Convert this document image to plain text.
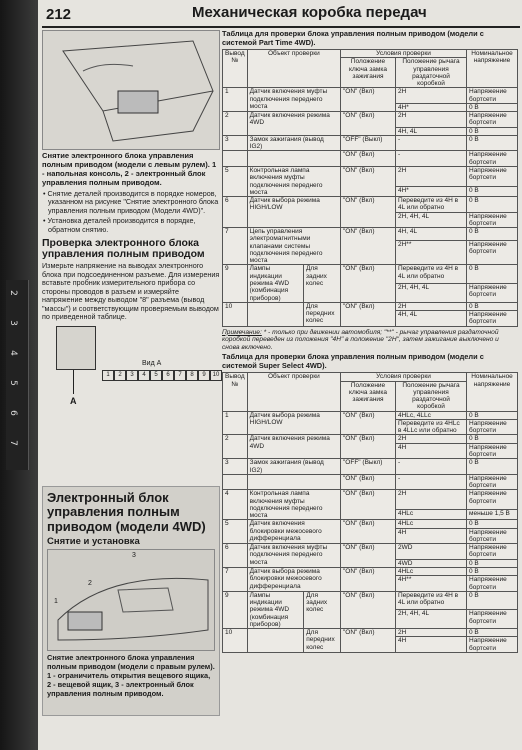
2
3
4
5
6
7
212	Механическая коробка передач
Снятие электронного блока управления полным приводом (модели с левым рулем). 1 - напольная консоль, 2 - электронный блок управления полным приводом.
• Снятие деталей производится в порядке номеров, указанном на рисунке "Снятие электронного блока управления полным приводом (Модели 4WD)".
• Установка деталей производится в порядке, обратном снятию.
Проверка электронного блока управления полным приводом
Измерьте напряжение на выводах электронного блока при подсоединенном разъеме. Для измерения вставьте пробник измерительного прибора со стороны проводов в разъем и измеряйте напряжение между выводом "8" разъема (вывод "массы") и соответствующим проверяемым выводом по приведенной таблице.
A
Вид А
1	2	3	4	5	6	7	8	9	10
Электронный блок управления полным приводом (модели 4WD)
Снятие и установка
3
2
1
Снятие электронного блока управления полным приводом (модели с правым рулем). 1 - ограничитель открытия вещевого ящика, 2 - вещевой ящик, 3 - электронный блок управления полным приводом.
Таблица для проверки блока управления полным приводом (модели с системой Part Time 4WD).
Вывод №	Объект проверки		Условия проверки		Номинальное напряжение
			Положение ключа замка зажигания	Положение рычага управления раздаточной коробкой	
1	Датчик включения муфты подключения переднего моста		"ON" (Вкл)	2H	Напряжение бортсети
				4H*	0 В
2	Датчик включения режима 4WD		"ON" (Вкл)	2H	Напряжение бортсети
				4H, 4L	0 В
3	Замок зажигания (вывод IG2)		"OFF" (Выкл)	-	0 В
			"ON" (Вкл)	-	Напряжение бортсети
5	Контрольная лампа включения муфты подключения переднего моста		"ON" (Вкл)	2H	Напряжение бортсети
				4H*	0 В
6	Датчик выбора режима HIGH/LOW		"ON" (Вкл)	Переведите из 4H в 4L или обратно	0 В
				2H, 4H, 4L	Напряжение бортсети
7	Цепь управления электромагнитными клапанами системы подключения переднего моста		"ON" (Вкл)	4H, 4L	0 В
				2H**	Напряжение бортсети
9	Лампы индикации режима 4WD (комбинация приборов)	Для задних колес	"ON" (Вкл)	Переведите из 4H в 4L или обратно	0 В
				2H, 4H, 4L	Напряжение бортсети
10		Для передних колес	"ON" (Вкл)	2H	0 В
				4H, 4L	Напряжение бортсети
Примечание: * - только при движении автомобиля; "**" - рычаг управления раздаточной коробкой переведен из положения "4H" в положение "2H", затем зажигание выключено и снова включено.
Таблица для проверки блока управления полным приводом (модели с системой Super Select 4WD).
Вывод №	Объект проверки		Условия проверки		Номинальное напряжение
			Положение ключа замка зажигания	Положение рычага управления раздаточной коробкой	
1	Датчик выбора режима HIGH/LOW		"ON" (Вкл)	4HLc, 4LLc	0 В
				Переведите из 4HLc в 4LLc или обратно	Напряжение бортсети
2	Датчик включения режима 4WD		"ON" (Вкл)	2H	0 В
				4H	Напряжение бортсети
3	Замок зажигания (вывод IG2)		"OFF" (Выкл)	-	0 В
			"ON" (Вкл)	-	Напряжение бортсети
4	Контрольная лампа включения муфты подключения переднего моста		"ON" (Вкл)	2H	Напряжение бортсети
				4HLc	меньше 1,5 В
5	Датчик включения блокировки межосевого дифференциала		"ON" (Вкл)	4HLc	0 В
				4H	Напряжение бортсети
6	Датчик включения муфты подключения переднего моста		"ON" (Вкл)	2WD	Напряжение бортсети
				4WD	0 В
7	Датчик выбора режима блокировки межосевого дифференциала		"ON" (Вкл)	4HLc	0 В
				4H**	Напряжение бортсети
9	Лампы индикации режима 4WD (комбинация приборов)	Для задних колес	"ON" (Вкл)	Переведите из 4H в 4L или обратно	0 В
				2H, 4H, 4L	Напряжение бортсети
10		Для передних колес	"ON" (Вкл)	2H	0 В
				4H	Напряжение бортсети
